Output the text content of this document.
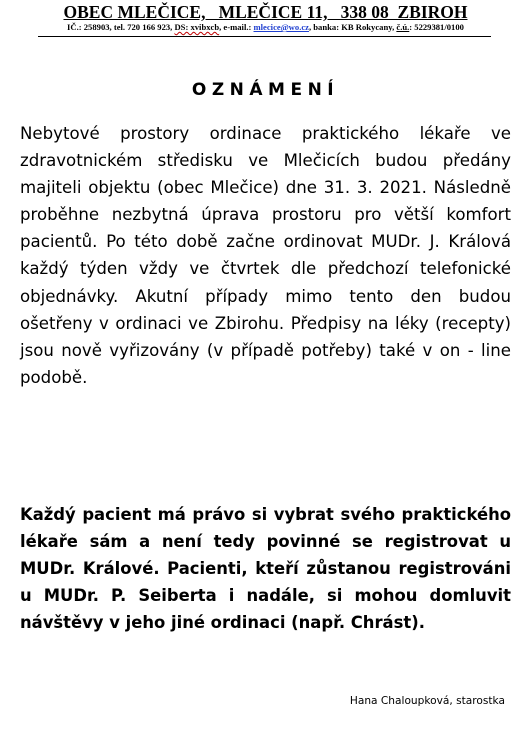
OBEC MLEČICE,   MLEČICE 11,   338 08  ZBIROH
IČ.: 258903, tel. 720 166 923, DS: xvibxcb, e-mail.: mlecice@wo.cz, banka: KB Rokycany, č.ú.: 5229381/0100
OZNÁMENÍ

Nebytové prostory ordinace praktického lékaře ve zdravotnickém středisku ve Mlečicích budou předány majiteli objektu (obec Mlečice) dne 31. 3. 2021. Následně proběhne nezbytná úprava prostoru pro větší komfort pacientů. Po této době začne ordinovat MUDr. J. Králová každý týden vždy ve čtvrtek dle předchozí telefonické objednávky. Akutní případy mimo tento den budou ošetřeny v ordinaci ve Zbirohu. Předpisy na léky (recepty) jsou nově vyřizovány (v případě potřeby) také v on - line podobě.

Každý pacient má právo si vybrat svého praktického lékaře sám a není tedy povinné se registrovat u MUDr. Králové. Pacienti, kteří zůstanou registrováni u MUDr. P. Seiberta i nadále, si mohou domluvit návštěvy v jeho jiné ordinaci (např. Chrást).

Hana Chaloupková, starostka
